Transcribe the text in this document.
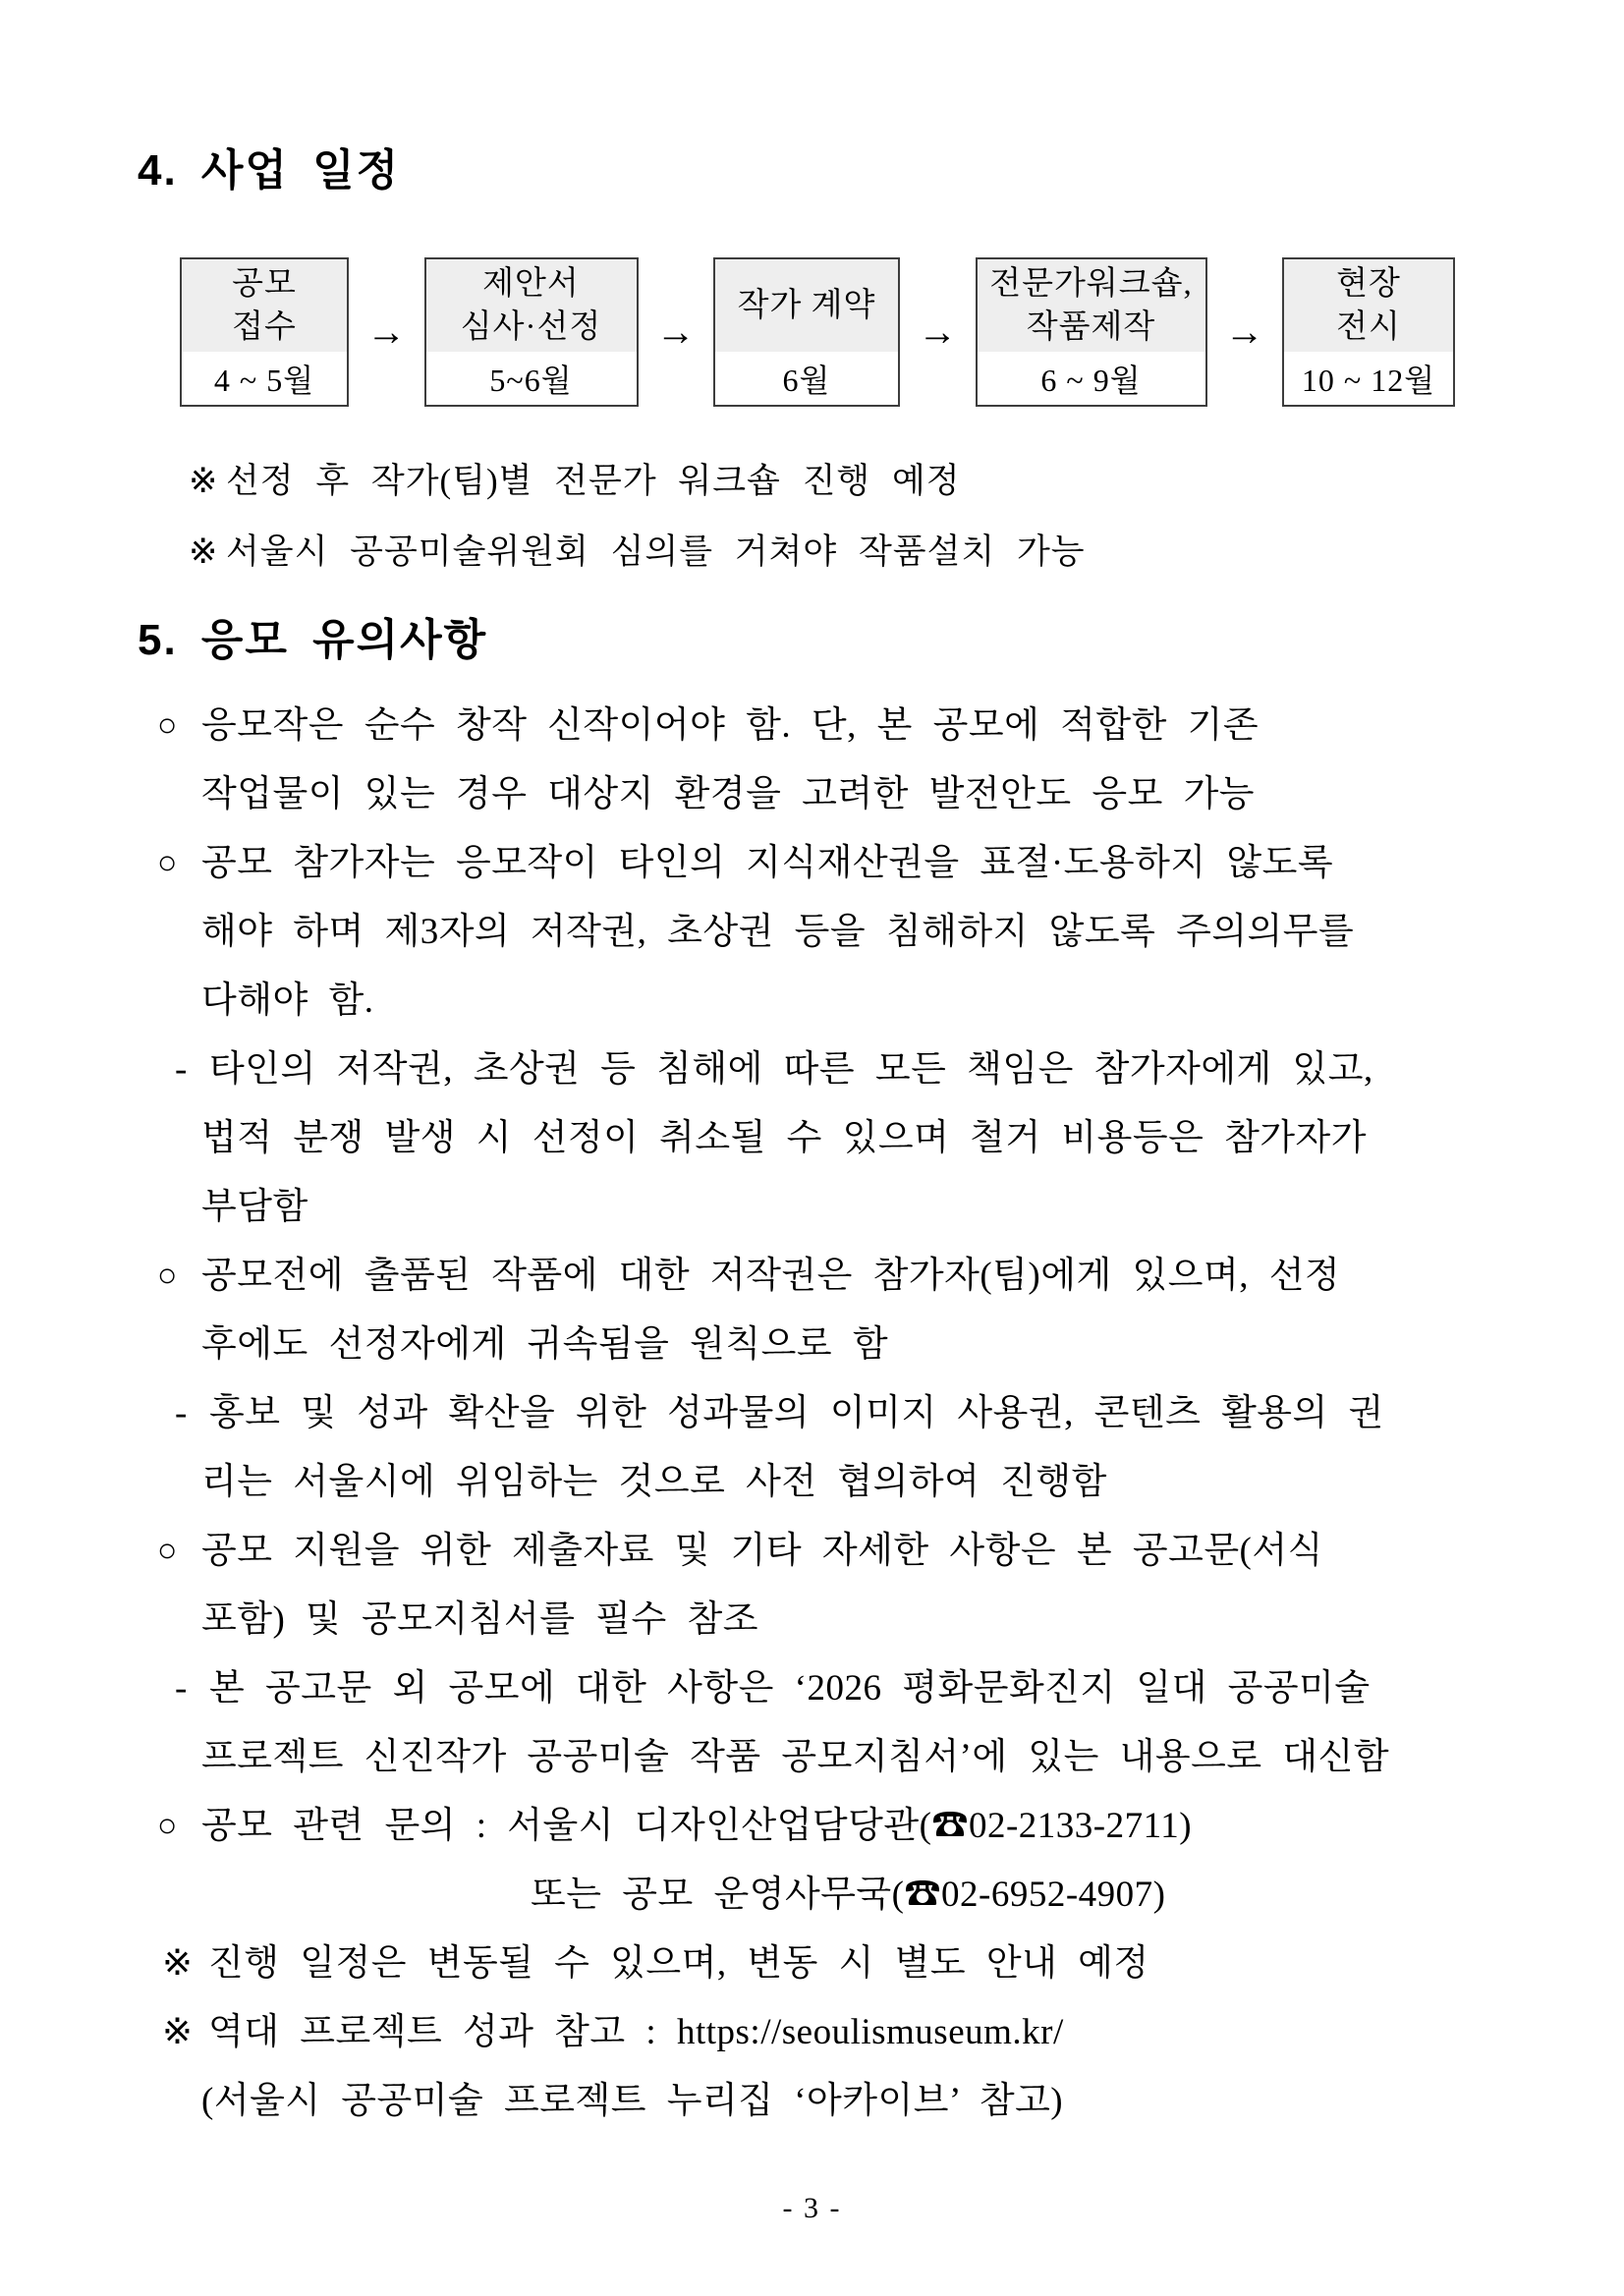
4. 사업 일정
공모
접수
4 ~ 5월
→
제안서
심사·선정
5~6월
→
작가 계약
6월
→
전문가워크숍,
작품제작
6 ~ 9월
→
현장
전시
10 ~ 12월
※ 선정 후 작가(팀)별 전문가 워크숍 진행 예정
※ 서울시 공공미술위원회 심의를 거쳐야 작품설치 가능
5. 응모 유의사항
○ 응모작은 순수 창작 신작이어야 함. 단, 본 공모에 적합한 기존
작업물이 있는 경우 대상지 환경을 고려한 발전안도 응모 가능
○ 공모 참가자는 응모작이 타인의 지식재산권을 표절·도용하지 않도록
해야 하며 제3자의 저작권, 초상권 등을 침해하지 않도록 주의의무를
다해야 함.
- 타인의 저작권, 초상권 등 침해에 따른 모든 책임은 참가자에게 있고,
법적 분쟁 발생 시 선정이 취소될 수 있으며 철거 비용등은 참가자가
부담함
○ 공모전에 출품된 작품에 대한 저작권은 참가자(팀)에게 있으며, 선정
후에도 선정자에게 귀속됨을 원칙으로 함
- 홍보 및 성과 확산을 위한 성과물의 이미지 사용권, 콘텐츠 활용의 권
리는 서울시에 위임하는 것으로 사전 협의하여 진행함
○ 공모 지원을 위한 제출자료 및 기타 자세한 사항은 본 공고문(서식
포함) 및 공모지침서를 필수 참조
- 본 공고문 외 공모에 대한 사항은 ‘2026 평화문화진지 일대 공공미술
프로젝트 신진작가 공공미술 작품 공모지침서’에 있는 내용으로 대신함
○ 공모 관련 문의 : 서울시 디자인산업담당관(☎02-2133-2711)
또는 공모 운영사무국(☎02-6952-4907)
※ 진행 일정은 변동될 수 있으며, 변동 시 별도 안내 예정
※ 역대 프로젝트 성과 참고 : https://seoulismuseum.kr/
(서울시 공공미술 프로젝트 누리집 ‘아카이브’ 참고)
- 3 -
